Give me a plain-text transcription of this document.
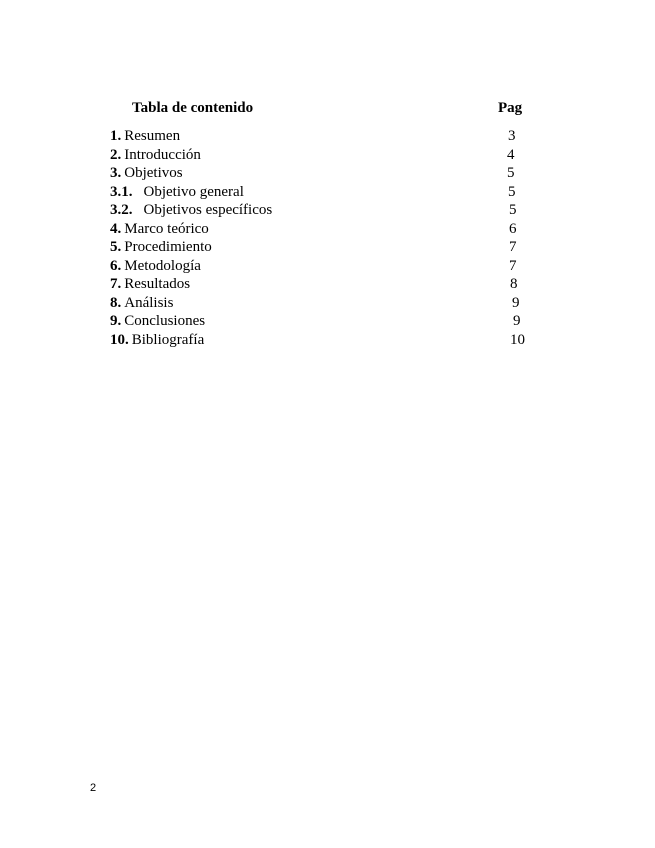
Tabla de contenido	Pag
1. Resumen	3
2. Introducción	4
3. Objetivos	5
3.1. Objetivo general	5
3.2. Objetivos específicos	5
4. Marco teórico	6
5. Procedimiento	7
6. Metodología	7
7. Resultados	8
8. Análisis	9
9. Conclusiones	9
10. Bibliografía	10
2
